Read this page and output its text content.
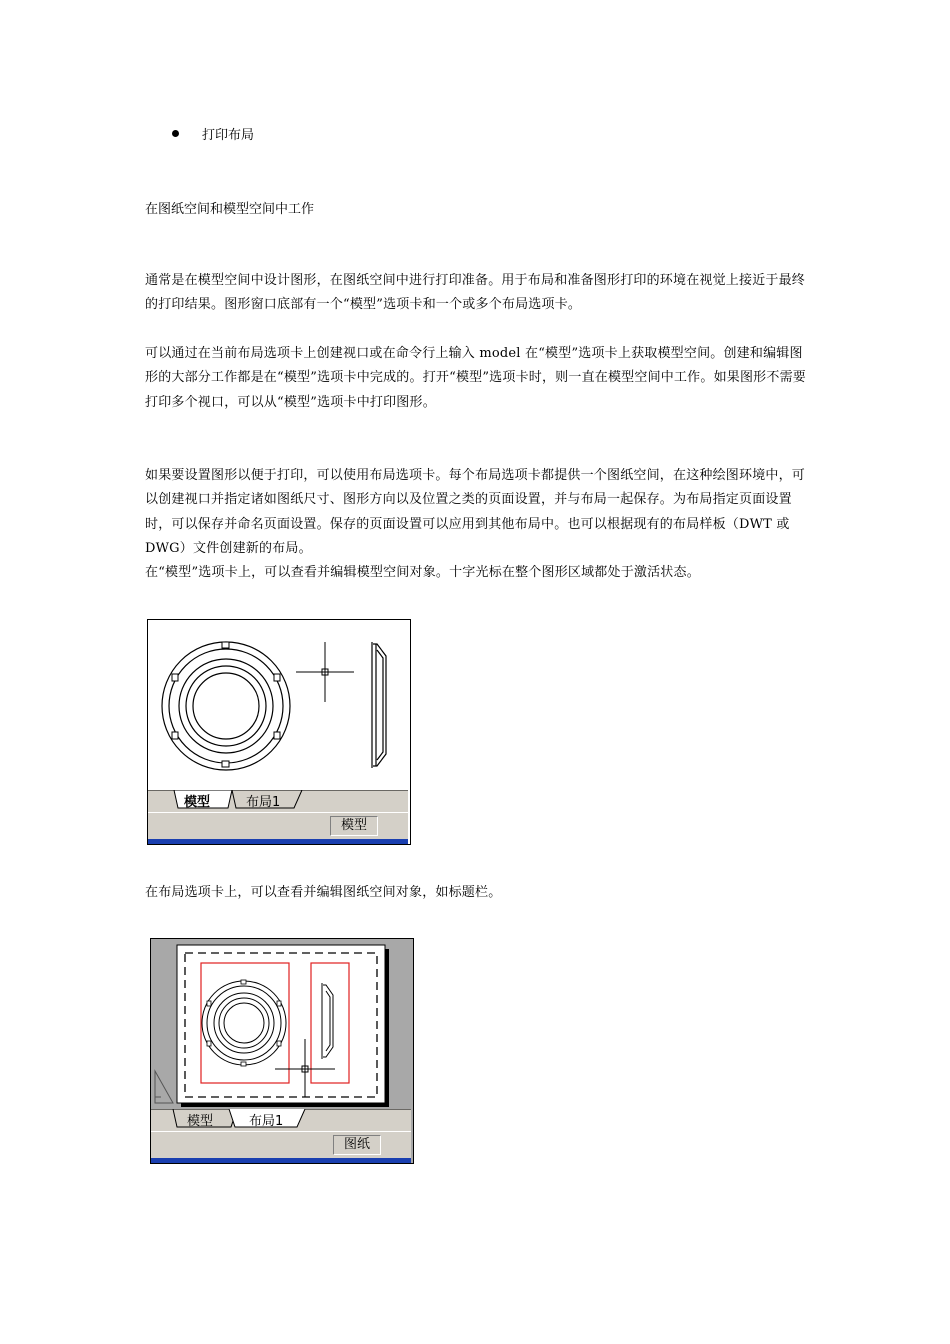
打印布局
在图纸空间和模型空间中工作
通常是在模型空间中设计图形，在图纸空间中进行打印准备。用于布局和准备图形打印的环境在视觉上接近于最终的打印结果。图形窗口底部有一个“模型”选项卡和一个或多个布局选项卡。
可以通过在当前布局选项卡上创建视口或在命令行上输入 model 在“模型”选项卡上获取模型空间。创建和编辑图形的大部分工作都是在“模型”选项卡中完成的。打开“模型”选项卡时，则一直在模型空间中工作。如果图形不需要打印多个视口，可以从“模型”选项卡中打印图形。
如果要设置图形以便于打印，可以使用布局选项卡。每个布局选项卡都提供一个图纸空间，在这种绘图环境中，可以创建视口并指定诸如图纸尺寸、图形方向以及位置之类的页面设置，并与布局一起保存。为布局指定页面设置时，可以保存并命名页面设置。保存的页面设置可以应用到其他布局中。也可以根据现有的布局样板（DWT 或 DWG）文件创建新的布局。
在“模型”选项卡上，可以查看并编辑模型空间对象。十字光标在整个图形区域都处于激活状态。
模型	布局1
模型
在布局选项卡上，可以查看并编辑图纸空间对象，如标题栏。
模型	布局1
图纸
